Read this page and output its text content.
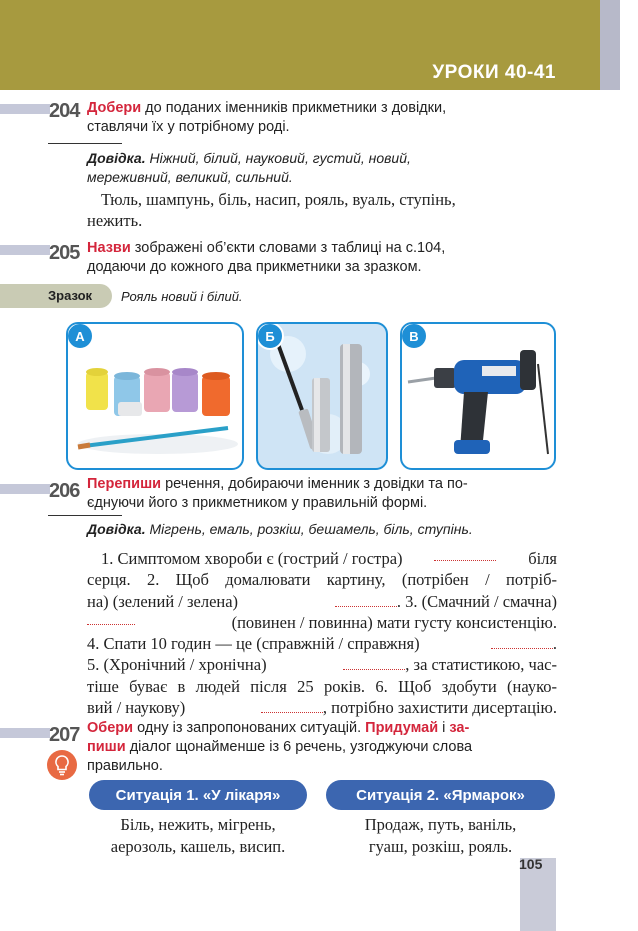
УРОКИ 40-41
204 Добери до поданих іменників прикметники з довідки,
ставлячи їх у потрібному роді.
Довідка. Ніжний, білий, науковий, густий, новий,
мереживний, великий, сильний.
Тюль, шампунь, біль, насип, рояль, вуаль, ступінь,
нежить.
205 Назви зображені об’єкти словами з таблиці на с.104,
додаючи до кожного два прикметники за зразком.
Зразок Рояль новий і білий.
А	Б	В
206 Перепиши речення, добираючи іменник з довідки та по-
єднуючи його з прикметником у правильній формі.
Довідка. Мігрень, емаль, розкіш, бешамель, біль, ступінь.
1. Симптомом хвороби є (гострий / гостра)	біля
серця. 2. Щоб домалювати картину, (потрібен / потріб-
на) (зелений / зелена)	. 3. (Смачний / смачна)
(повинен / повинна) мати густу консистенцію.
4. Спати 10 годин — це (справжній / справжня)	.
5. (Хронічний / хронічна)	, за статистикою, час-
тіше буває в людей після 25 років. 6. Щоб здобути (науко-
вий / наукову)	, потрібно захистити дисертацію.
207 Обери одну із запропонованих ситуацій. Придумай і за-
пиши діалог щонайменше із 6 речень, узгоджуючи слова
правильно.
Ситуація 1. «У лікаря»	Ситуація 2. «Ярмарок»
Біль, нежить, мігрень,
аерозоль, кашель, висип.
Продаж, путь, ваніль,
гуаш, розкіш, рояль.
105
